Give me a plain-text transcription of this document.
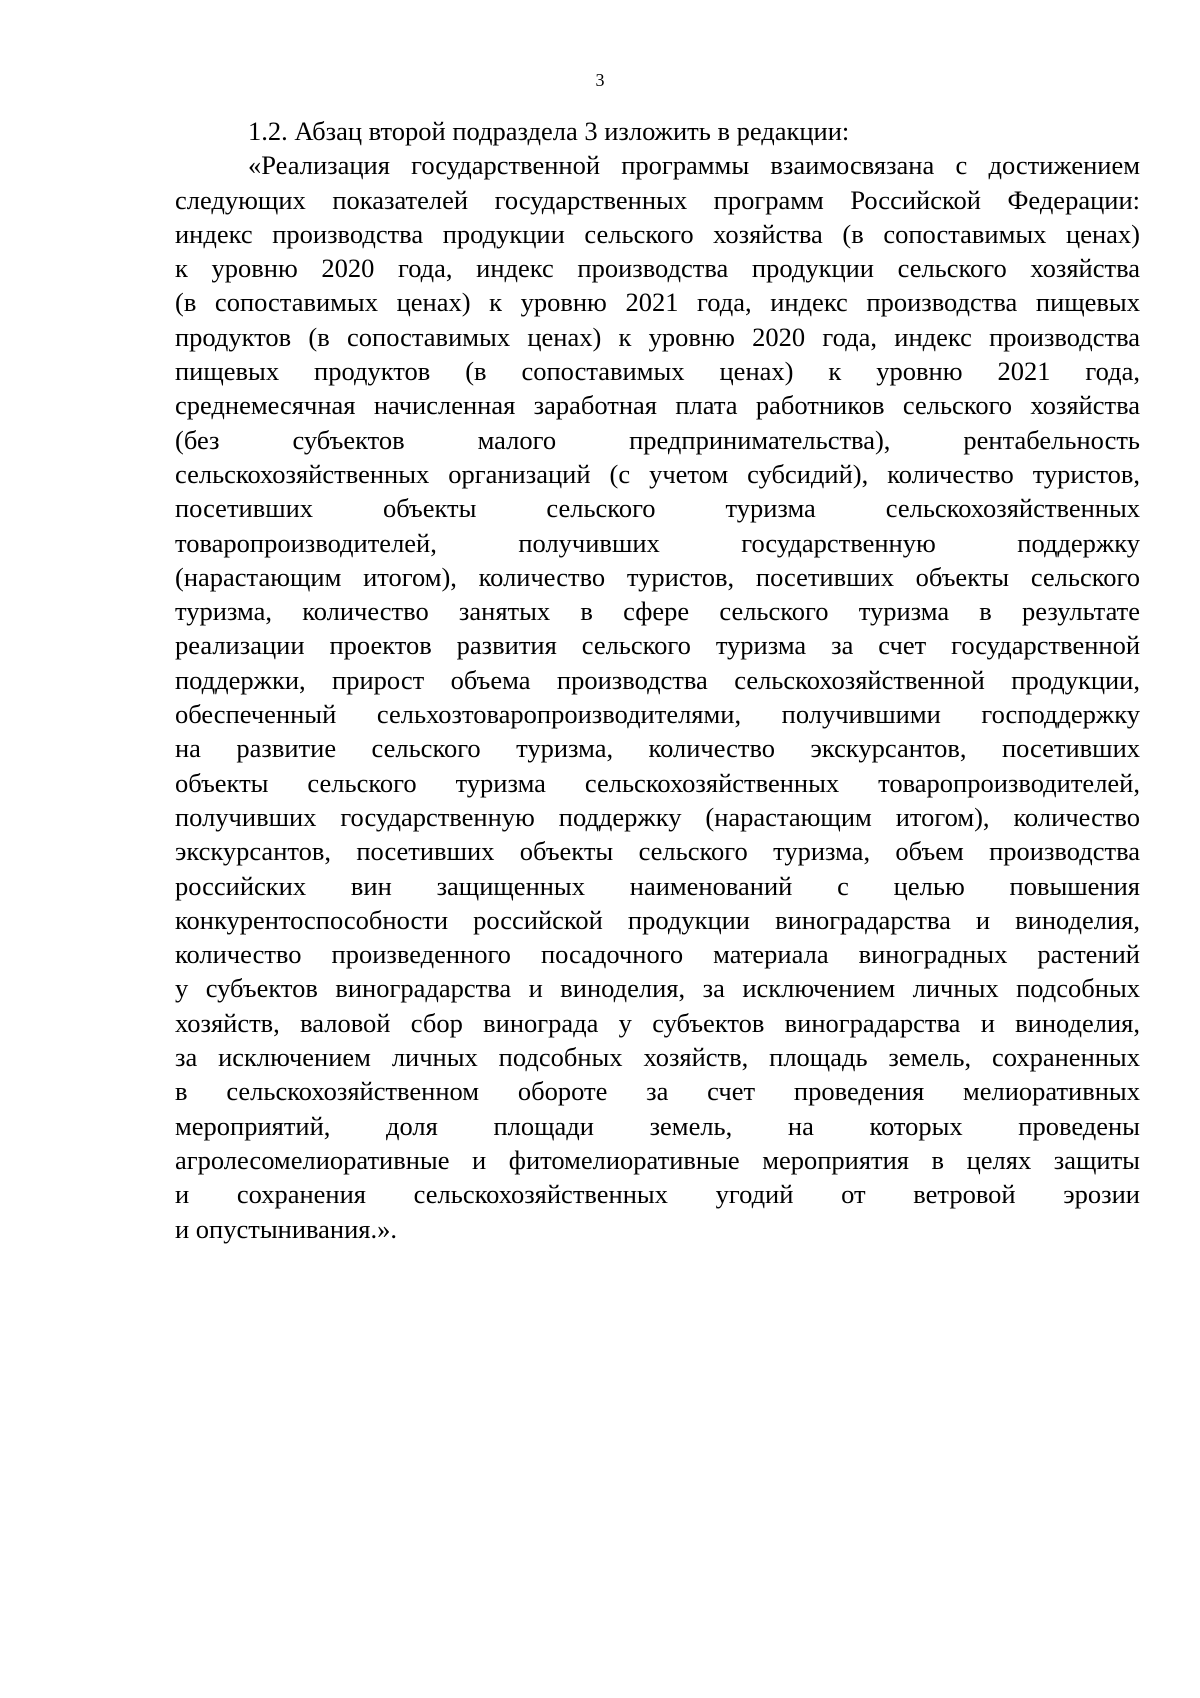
3

1.2. Абзац второй подраздела 3 изложить в редакции:

«Реализация государственной программы взаимосвязана с достижением
следующих показателей государственных программ Российской Федерации:
индекс производства продукции сельского хозяйства (в сопоставимых ценах)
к уровню 2020 года, индекс производства продукции сельского хозяйства
(в сопоставимых ценах) к уровню 2021 года, индекс производства пищевых
продуктов (в сопоставимых ценах) к уровню 2020 года, индекс производства
пищевых продуктов (в сопоставимых ценах) к уровню 2021 года,
среднемесячная начисленная заработная плата работников сельского хозяйства
(без субъектов малого предпринимательства), рентабельность
сельскохозяйственных организаций (с учетом субсидий), количество туристов,
посетивших объекты сельского туризма сельскохозяйственных
товаропроизводителей, получивших государственную поддержку
(нарастающим итогом), количество туристов, посетивших объекты сельского
туризма, количество занятых в сфере сельского туризма в результате
реализации проектов развития сельского туризма за счет государственной
поддержки, прирост объема производства сельскохозяйственной продукции,
обеспеченный сельхозтоваропроизводителями, получившими господдержку
на развитие сельского туризма, количество экскурсантов, посетивших
объекты сельского туризма сельскохозяйственных товаропроизводителей,
получивших государственную поддержку (нарастающим итогом), количество
экскурсантов, посетивших объекты сельского туризма, объем производства
российских вин защищенных наименований с целью повышения
конкурентоспособности российской продукции виноградарства и виноделия,
количество произведенного посадочного материала виноградных растений
у субъектов виноградарства и виноделия, за исключением личных подсобных
хозяйств, валовой сбор винограда у субъектов виноградарства и виноделия,
за исключением личных подсобных хозяйств, площадь земель, сохраненных
в сельскохозяйственном обороте за счет проведения мелиоративных
мероприятий, доля площади земель, на которых проведены
агролесомелиоративные и фитомелиоративные мероприятия в целях защиты
и сохранения сельскохозяйственных угодий от ветровой эрозии
и опустынивания.».
